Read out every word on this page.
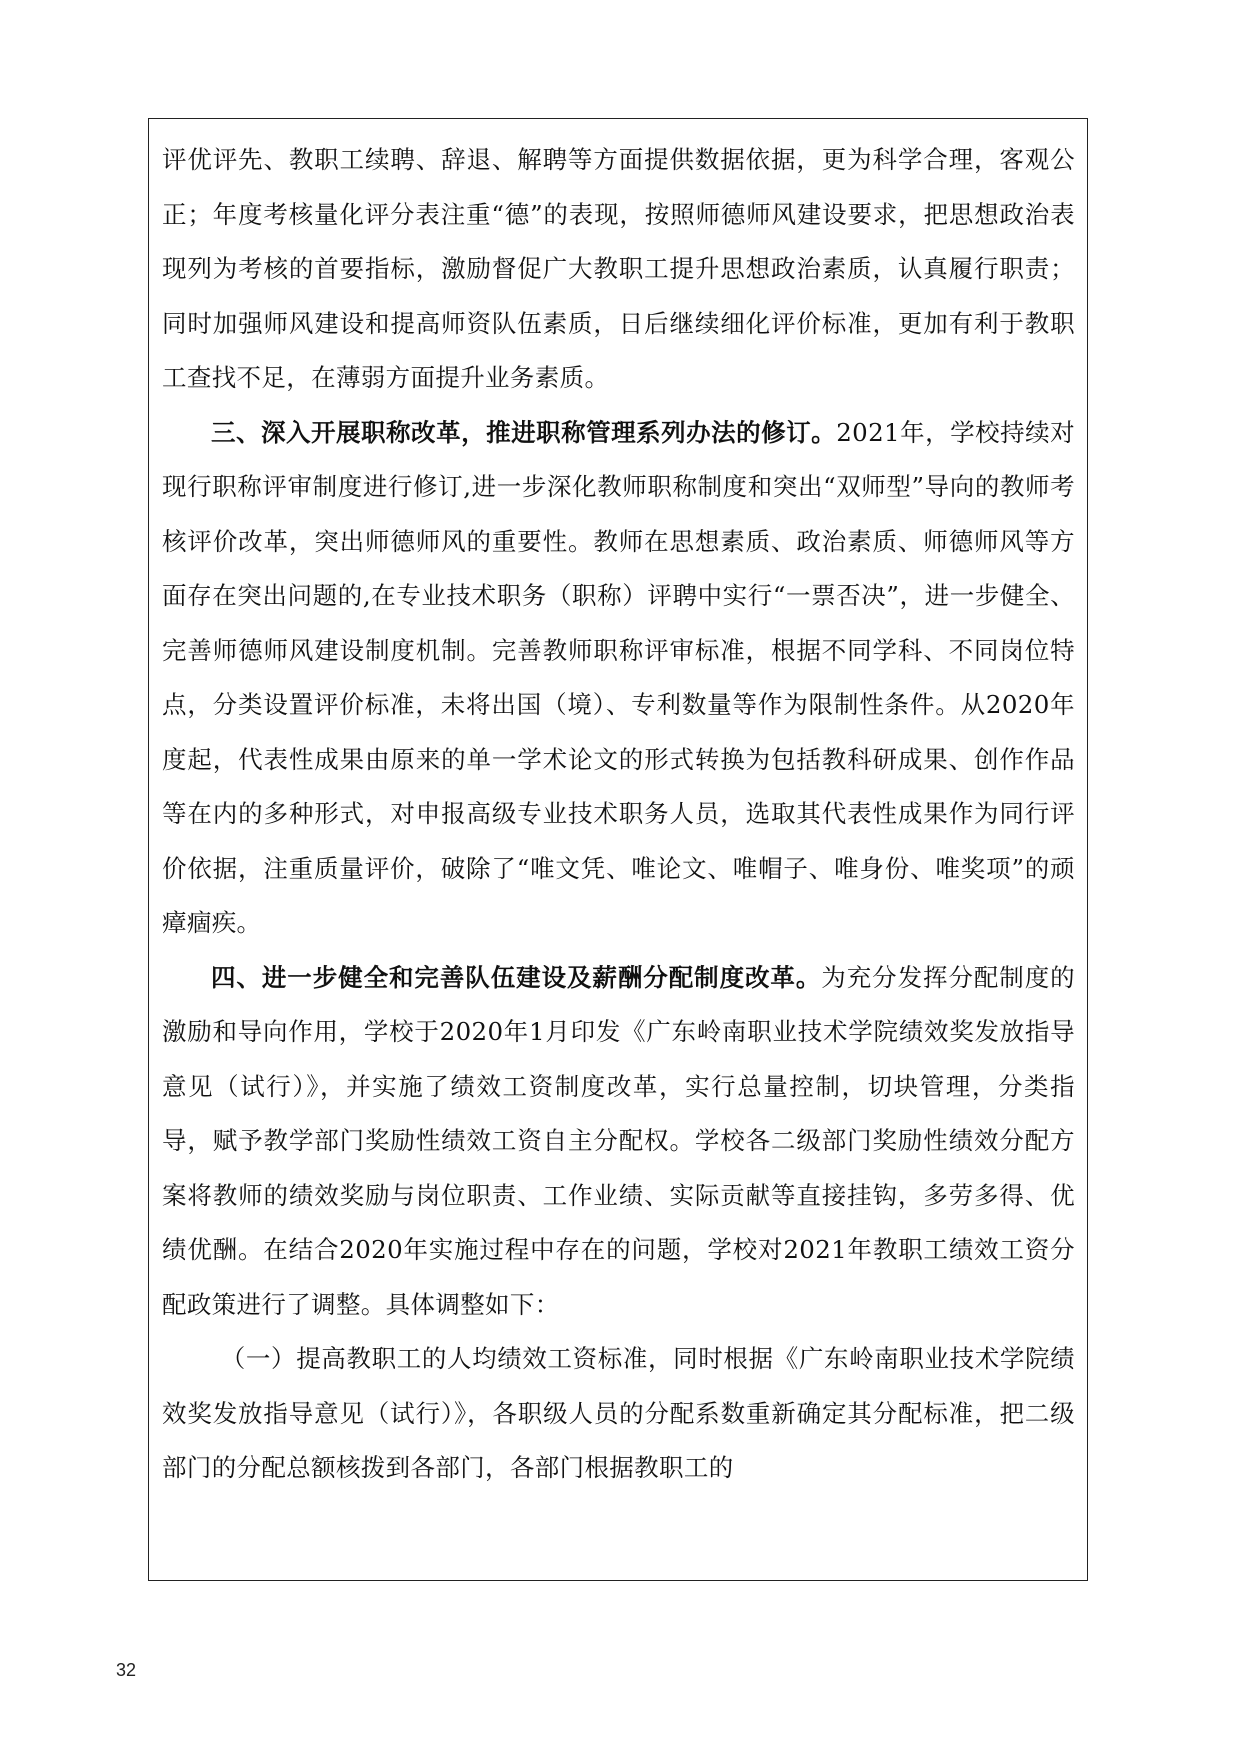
评优评先、教职工续聘、辞退、解聘等方面提供数据依据，更为科学合理，客观公正；年度考核量化评分表注重“德”的表现，按照师德师风建设要求，把思想政治表现列为考核的首要指标，激励督促广大教职工提升思想政治素质，认真履行职责；同时加强师风建设和提高师资队伍素质，日后继续细化评价标准，更加有利于教职工查找不足，在薄弱方面提升业务素质。

三、深入开展职称改革，推进职称管理系列办法的修订。2021年，学校持续对现行职称评审制度进行修订,进一步深化教师职称制度和突出“双师型”导向的教师考核评价改革，突出师德师风的重要性。教师在思想素质、政治素质、师德师风等方面存在突出问题的,在专业技术职务（职称）评聘中实行“一票否决”，进一步健全、完善师德师风建设制度机制。完善教师职称评审标准，根据不同学科、不同岗位特点，分类设置评价标准，未将出国（境）、专利数量等作为限制性条件。从2020年度起，代表性成果由原来的单一学术论文的形式转换为包括教科研成果、创作作品等在内的多种形式，对申报高级专业技术职务人员，选取其代表性成果作为同行评价依据，注重质量评价，破除了“唯文凭、唯论文、唯帽子、唯身份、唯奖项”的顽瘴痼疾。

四、进一步健全和完善队伍建设及薪酬分配制度改革。为充分发挥分配制度的激励和导向作用，学校于2020年1月印发《广东岭南职业技术学院绩效奖发放指导意见（试行）》，并实施了绩效工资制度改革，实行总量控制，切块管理，分类指导，赋予教学部门奖励性绩效工资自主分配权。学校各二级部门奖励性绩效分配方案将教师的绩效奖励与岗位职责、工作业绩、实际贡献等直接挂钩，多劳多得、优绩优酬。在结合2020年实施过程中存在的问题，学校对2021年教职工绩效工资分配政策进行了调整。具体调整如下：

（一）提高教职工的人均绩效工资标准，同时根据《广东岭南职业技术学院绩效奖发放指导意见（试行）》，各职级人员的分配系数重新确定其分配标准，把二级部门的分配总额核拨到各部门，各部门根据教职工的

32
